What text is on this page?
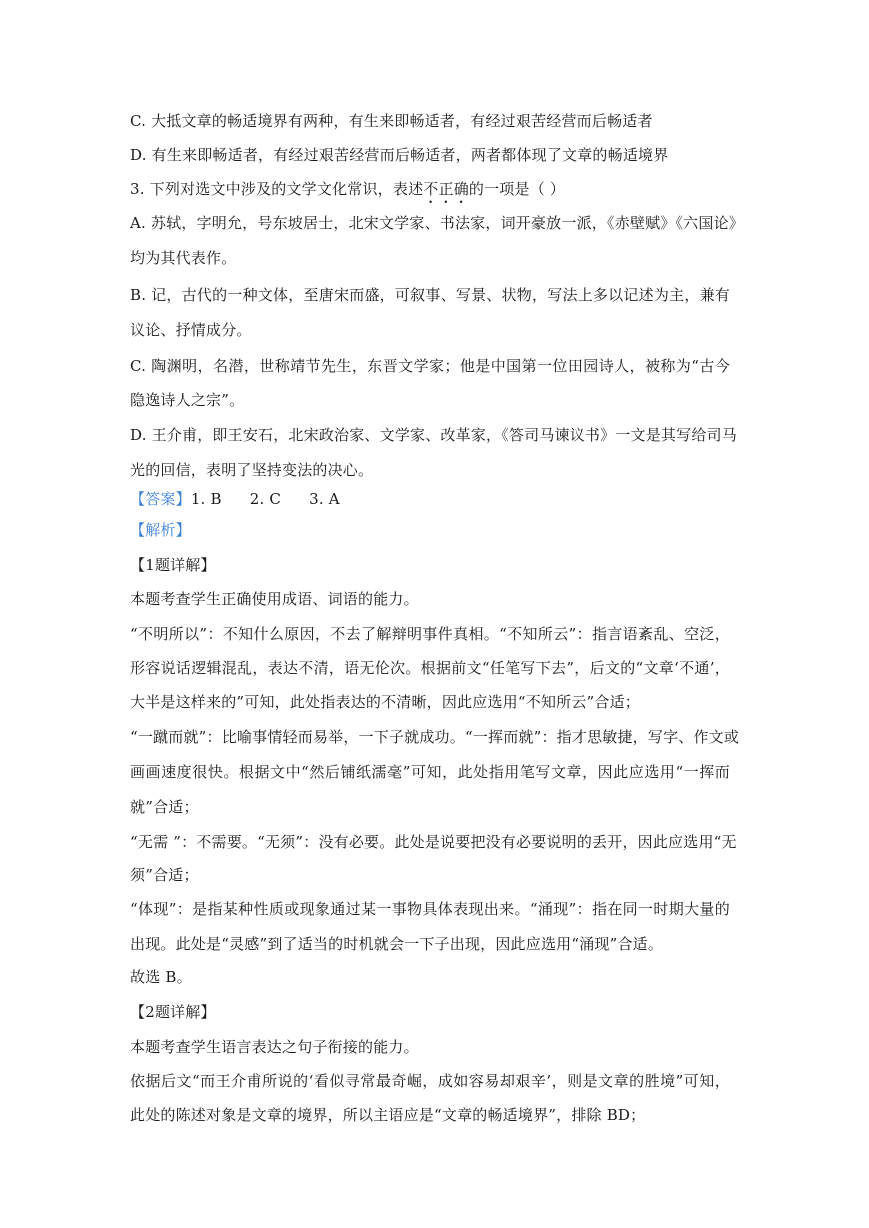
C. 大抵文章的畅适境界有两种，有生来即畅适者，有经过艰苦经营而后畅适者
D. 有生来即畅适者，有经过艰苦经营而后畅适者，两者都体现了文章的畅适境界
3. 下列对选文中涉及的文学文化常识，表述不正确的一项是（ ）
A. 苏轼，字明允，号东坡居士，北宋文学家、书法家，词开豪放一派，《赤壁赋》《六国论》
均为其代表作。
B. 记，古代的一种文体，至唐宋而盛，可叙事、写景、状物，写法上多以记述为主，兼有
议论、抒情成分。
C. 陶渊明，名潜，世称靖节先生，东晋文学家；他是中国第一位田园诗人，被称为“古今
隐逸诗人之宗”。
D. 王介甫，即王安石，北宋政治家、文学家、改革家，《答司马谏议书》一文是其写给司马
光的回信，表明了坚持变法的决心。
【答案】1. B 2. C 3. A
【解析】
【1题详解】
本题考查学生正确使用成语、词语的能力。
“不明所以”：不知什么原因，不去了解辩明事件真相。“不知所云”：指言语紊乱、空泛，
形容说话逻辑混乱，表达不清，语无伦次。根据前文“任笔写下去”，后文的“文章‘不通’，
大半是这样来的”可知，此处指表达的不清晰，因此应选用“不知所云”合适；
“一蹴而就”：比喻事情轻而易举，一下子就成功。“一挥而就”：指才思敏捷，写字、作文或
画画速度很快。根据文中“然后铺纸濡毫”可知，此处指用笔写文章，因此应选用“一挥而
就”合适；
“无需 ”：不需要。“无须”：没有必要。此处是说要把没有必要说明的丢开，因此应选用“无
须”合适；
“体现”：是指某种性质或现象通过某一事物具体表现出来。“涌现”：指在同一时期大量的
出现。此处是“灵感”到了适当的时机就会一下子出现，因此应选用“涌现”合适。
故选 B。
【2题详解】
本题考查学生语言表达之句子衔接的能力。
依据后文“而王介甫所说的‘看似寻常最奇崛，成如容易却艰辛’，则是文章的胜境”可知，
此处的陈述对象是文章的境界，所以主语应是“文章的畅适境界”，排除 BD；
